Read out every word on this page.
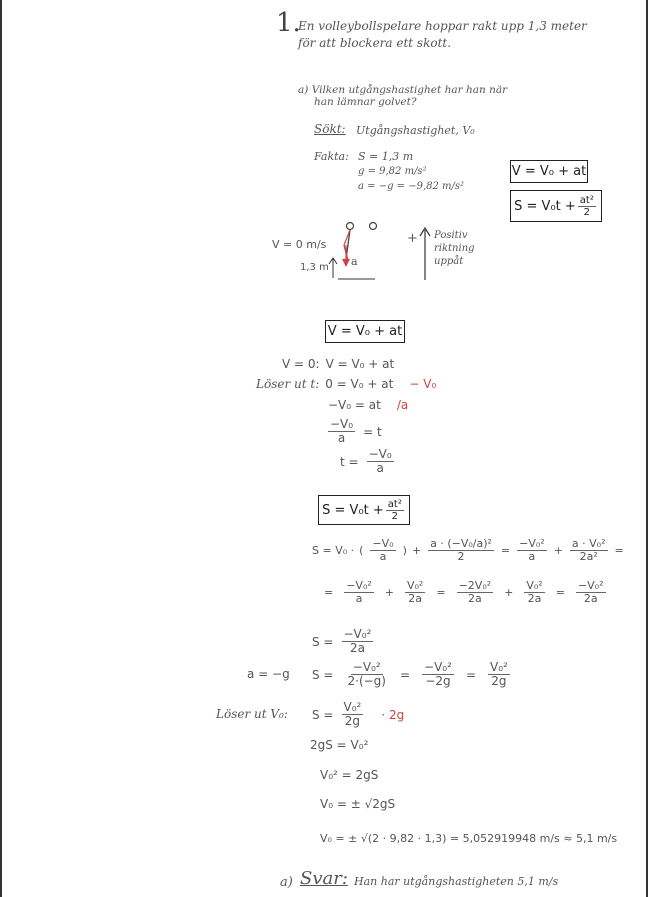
1.
En volleybollspelare hoppar rakt upp 1,3 meter
för att blockera ett skott.
a) Vilken utgångshastighet har han när
han lämnar golvet?
Sökt: Utgångshastighet, V₀
Fakta: S = 1,3 m
g = 9,82 m/s²
a = −g = −9,82 m/s²
V = V₀ + at
$S = V_0t + \frac{\text{at²}}{2}$
V = 0 m/s
1,3 m a
+ Positiv
riktning
uppåt
V = V₀ + at
V = 0: V = V₀ + at
Löser ut t: 0 = V₀ + at − V₀
−V₀ = at /a
$\frac{\text{−V₀}}{a} = t$
$t = \frac{\text{−V₀}}{a}$
$S = V_0t + \frac{\text{at²}}{2}$
S = V₀ · ( $\frac{\text{−V₀}}{a}$ ) + $\frac{\text{a · (−V₀/a)²}}{2} = \frac{\text{−V₀²}}{a} + \frac{\text{a · V₀²}}{\text{2a²}}$ =
= $\frac{\text{−V₀²}}{a} + \frac{\text{V₀²}}{2a} = \frac{\text{−2V₀²}}{2a} + \frac{\text{V₀²}}{2a} = \frac{\text{−V₀²}}{2a}$
$S = \frac{\text{−V₀²}}{2a}$
a = −g $S = \frac{\text{−V₀²}}{2\cdot(-g)} = \frac{\text{−V₀²}}{-2g} = \frac{\text{V₀²}}{2g}$
Löser ut V₀: $S = \frac{\text{V₀²}}{2g} \cdot 2g$
2gS = V₀²
V₀² = 2gS
V₀ = ± √2gS
V₀ = ± √(2 · 9,82 · 1,3) = 5,052919948 m/s ≈ 5,1 m/s
a) Svar: Han har utgångshastigheten 5,1 m/s
